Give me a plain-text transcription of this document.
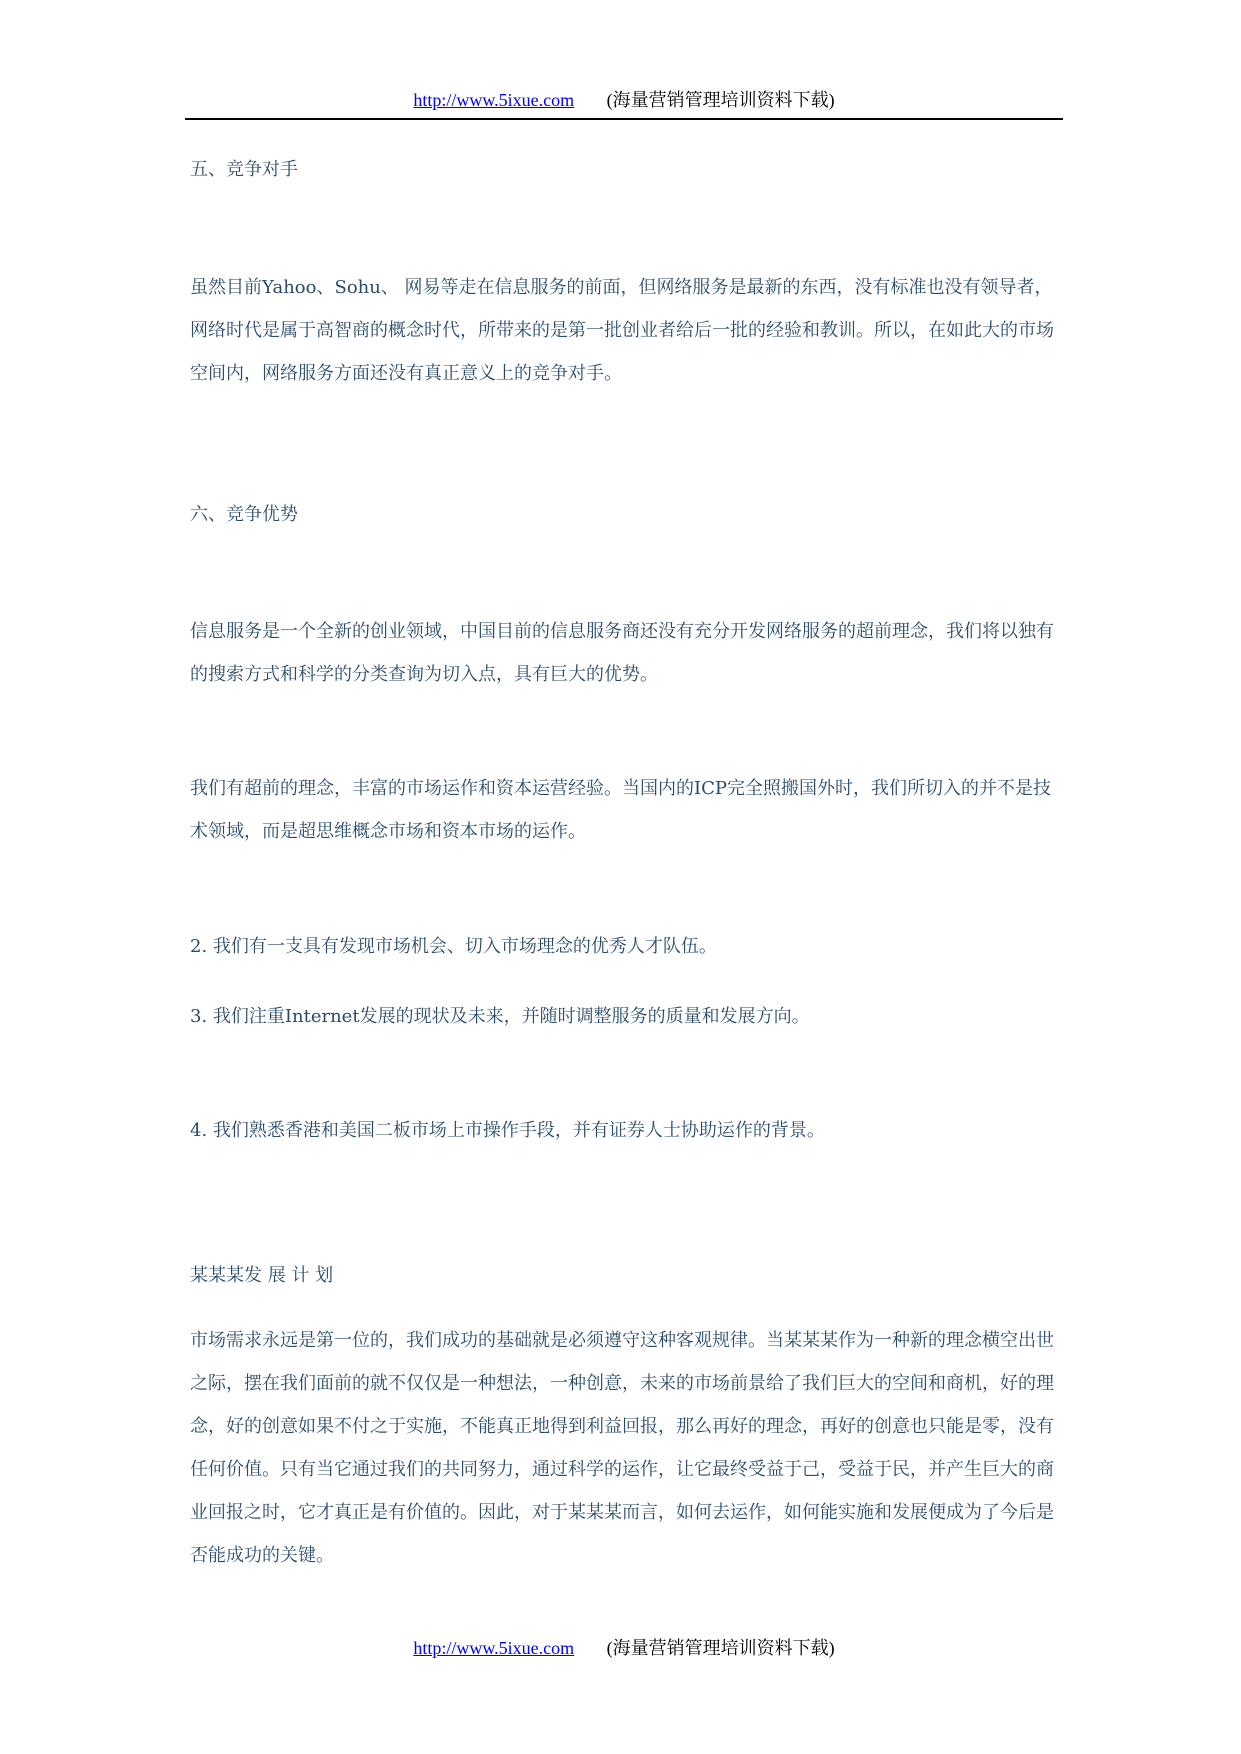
http://www.5ixue.com (海量营销管理培训资料下载)
五、竞争对手

虽然目前Yahoo、Sohu、 网易等走在信息服务的前面，但网络服务是最新的东西，没有标准也没有领导者，网络时代是属于高智商的概念时代，所带来的是第一批创业者给后一批的经验和教训。所以，在如此大的市场空间内，网络服务方面还没有真正意义上的竞争对手。

六、竞争优势

信息服务是一个全新的创业领域，中国目前的信息服务商还没有充分开发网络服务的超前理念，我们将以独有的搜索方式和科学的分类查询为切入点，具有巨大的优势。

我们有超前的理念，丰富的市场运作和资本运营经验。当国内的ICP完全照搬国外时，我们所切入的并不是技术领域，而是超思维概念市场和资本市场的运作。

2. 我们有一支具有发现市场机会、切入市场理念的优秀人才队伍。

3. 我们注重Internet发展的现状及未来，并随时调整服务的质量和发展方向。

4. 我们熟悉香港和美国二板市场上市操作手段，并有证券人士协助运作的背景。

某某某发 展 计 划

市场需求永远是第一位的，我们成功的基础就是必须遵守这种客观规律。当某某某作为一种新的理念横空出世之际，摆在我们面前的就不仅仅是一种想法，一种创意，未来的市场前景给了我们巨大的空间和商机，好的理念，好的创意如果不付之于实施，不能真正地得到利益回报，那么再好的理念，再好的创意也只能是零，没有任何价值。只有当它通过我们的共同努力，通过科学的运作，让它最终受益于己，受益于民，并产生巨大的商业回报之时，它才真正是有价值的。因此，对于某某某而言，如何去运作，如何能实施和发展便成为了今后是否能成功的关键。

http://www.5ixue.com (海量营销管理培训资料下载)
